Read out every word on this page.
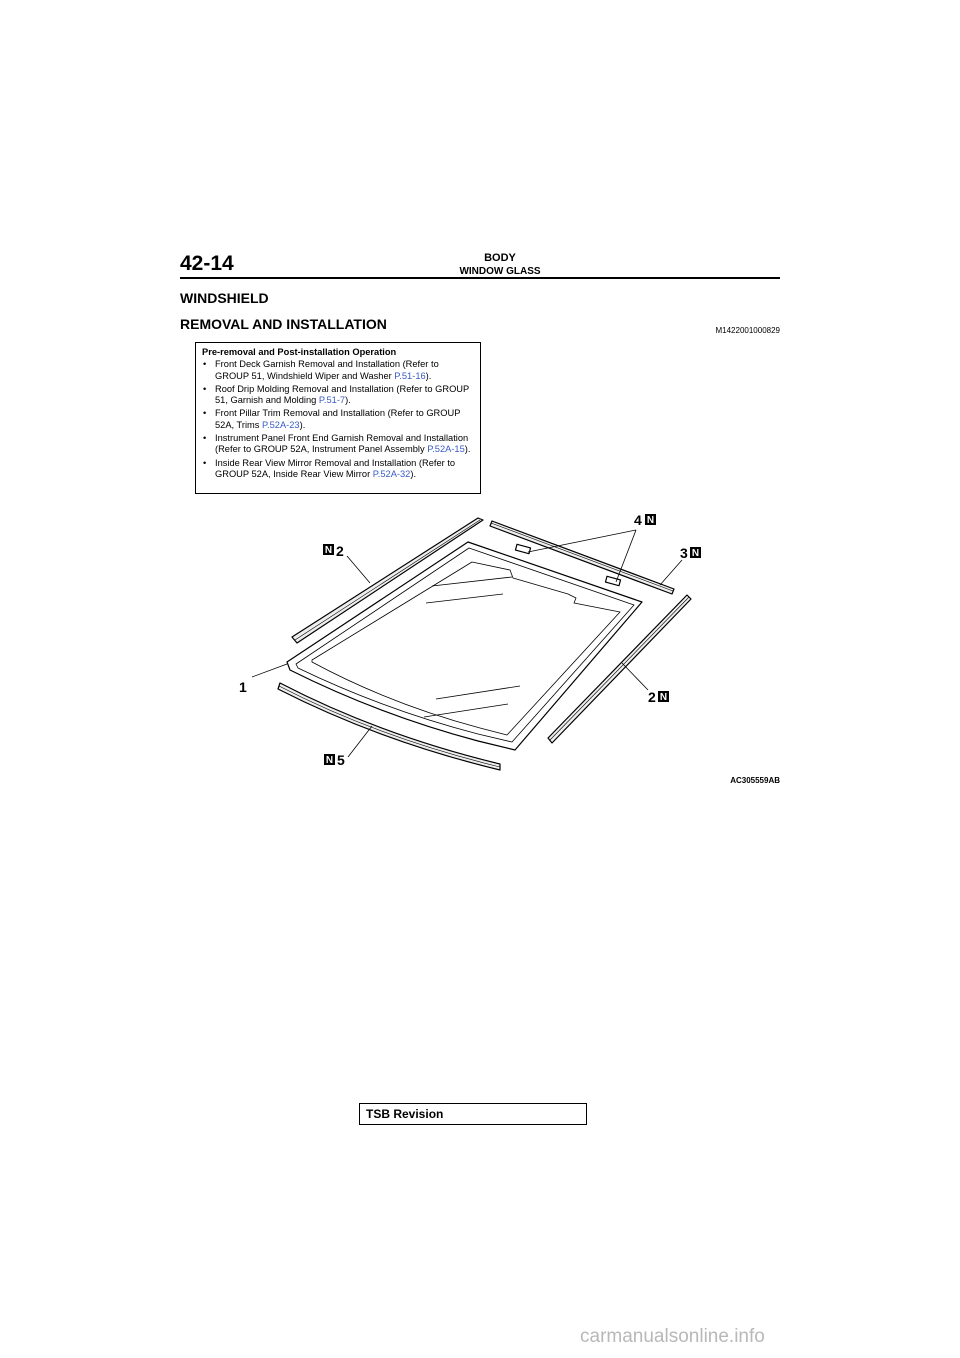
42-14	BODY
WINDOW GLASS
WINDSHIELD
REMOVAL AND INSTALLATION	M1422001000829
Pre-removal and Post-installation Operation
• Front Deck Garnish Removal and Installation (Refer to GROUP 51, Windshield Wiper and Washer P.51-16).
• Roof Drip Molding Removal and Installation (Refer to GROUP 51, Garnish and Molding P.51-7).
• Front Pillar Trim Removal and Installation (Refer to GROUP 52A, Trims P.52A-23).
• Instrument Panel Front End Garnish Removal and Installation (Refer to GROUP 52A, Instrument Panel Assembly P.52A-15).
• Inside Rear View Mirror Removal and Installation (Refer to GROUP 52A, Inside Rear View Mirror P.52A-32).
1
2
4
3
2
5
N
N
N
N
N
AC305559AB
TSB Revision
carmanualsonline.info
